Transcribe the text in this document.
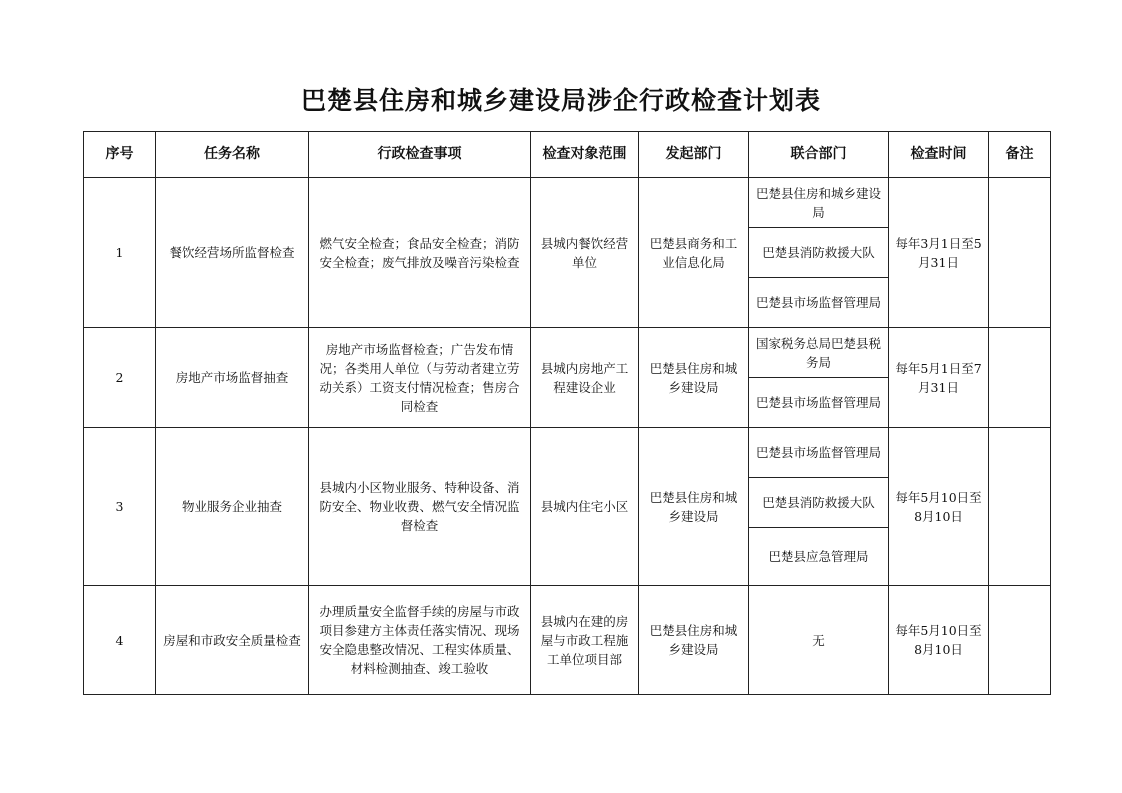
巴楚县住房和城乡建设局涉企行政检查计划表
序号	任务名称	行政检查事项	检查对象范围	发起部门	联合部门	检查时间	备注
1	餐饮经营场所监督检查	燃气安全检查；食品安全检查；消防安全检查；废气排放及噪音污染检查	县城内餐饮经营单位	巴楚县商务和工业信息化局	巴楚县住房和城乡建设局	每年3月1日至5月31日	
					巴楚县消防救援大队		
					巴楚县市场监督管理局		
2	房地产市场监督抽查	房地产市场监督检查；广告发布情况；各类用人单位（与劳动者建立劳动关系）工资支付情况检查；售房合同检查	县城内房地产工程建设企业	巴楚县住房和城乡建设局	国家税务总局巴楚县税务局	每年5月1日至7月31日	
					巴楚县市场监督管理局		
3	物业服务企业抽查	县城内小区物业服务、特种设备、消防安全、物业收费、燃气安全情况监督检查	县城内住宅小区	巴楚县住房和城乡建设局	巴楚县市场监督管理局	每年5月10日至8月10日	
					巴楚县消防救援大队		
					巴楚县应急管理局		
4	房屋和市政安全质量检查	办理质量安全监督手续的房屋与市政项目参建方主体责任落实情况、现场安全隐患整改情况、工程实体质量、材料检测抽查、竣工验收	县城内在建的房屋与市政工程施工单位项目部	巴楚县住房和城乡建设局	无	每年5月10日至8月10日	
